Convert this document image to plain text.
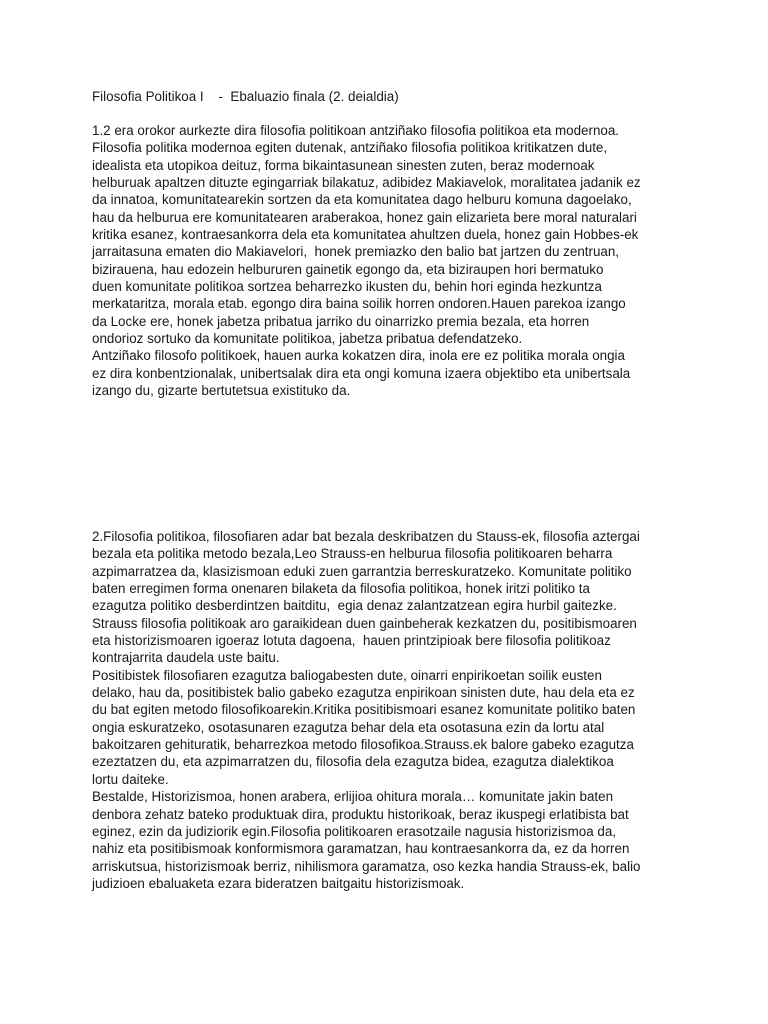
Filosofia Politikoa I    -  Ebaluazio finala (2. deialdia)

1.2 era orokor aurkezte dira filosofia politikoan antziñako filosofia politikoa eta modernoa.
Filosofia politika modernoa egiten dutenak, antziñako filosofia politikoa kritikatzen dute,
idealista eta utopikoa deituz, forma bikaintasunean sinesten zuten, beraz modernoak
helburuak apaltzen dituzte egingarriak bilakatuz, adibidez Makiavelok, moralitatea jadanik ez
da innatoa, komunitatearekin sortzen da eta komunitatea dago helburu komuna dagoelako,
hau da helburua ere komunitatearen araberakoa, honez gain elizarieta bere moral naturalari
kritika esanez, kontraesankorra dela eta komunitatea ahultzen duela, honez gain Hobbes-ek
jarraitasuna ematen dio Makiavelori,  honek premiazko den balio bat jartzen du zentruan,
bizirauena, hau edozein helbururen gainetik egongo da, eta biziraupen hori bermatuko
duen komunitate politikoa sortzea beharrezko ikusten du, behin hori eginda hezkuntza
merkataritza, morala etab. egongo dira baina soilik horren ondoren.Hauen parekoa izango
da Locke ere, honek jabetza pribatua jarriko du oinarrizko premia bezala, eta horren
ondorioz sortuko da komunitate politikoa, jabetza pribatua defendatzeko.
Antziñako filosofo politikoek, hauen aurka kokatzen dira, inola ere ez politika morala ongia
ez dira konbentzionalak, unibertsalak dira eta ongi komuna izaera objektibo eta unibertsala
izango du, gizarte bertutetsua existituko da.
2.Filosofia politikoa, filosofiaren adar bat bezala deskribatzen du Stauss-ek, filosofia aztergai
bezala eta politika metodo bezala,Leo Strauss-en helburua filosofia politikoaren beharra
azpimarratzea da, klasizismoan eduki zuen garrantzia berreskuratzeko. Komunitate politiko
baten erregimen forma onenaren bilaketa da filosofia politikoa, honek iritzi politiko ta
ezagutza politiko desberdintzen baitditu,  egia denaz zalantzatzean egira hurbil gaitezke.
Strauss filosofia politikoak aro garaikidean duen gainbeherak kezkatzen du, positibismoaren
eta historizismoaren igoeraz lotuta dagoena,  hauen printzipioak bere filosofia politikoaz
kontrajarrita daudela uste baitu.
Positibistek filosofiaren ezagutza baliogabesten dute, oinarri enpirikoetan soilik eusten
delako, hau da, positibistek balio gabeko ezagutza enpirikoan sinisten dute, hau dela eta ez
du bat egiten metodo filosofikoarekin.Kritika positibismoari esanez komunitate politiko baten
ongia eskuratzeko, osotasunaren ezagutza behar dela eta osotasuna ezin da lortu atal
bakoitzaren gehituratik, beharrezkoa metodo filosofikoa.Strauss.ek balore gabeko ezagutza
ezeztatzen du, eta azpimarratzen du, filosofia dela ezagutza bidea, ezagutza dialektikoa
lortu daiteke.
Bestalde, Historizismoa, honen arabera, erlijioa ohitura morala… komunitate jakin baten
denbora zehatz bateko produktuak dira, produktu historikoak, beraz ikuspegi erlatibista bat
eginez, ezin da judiziorik egin.Filosofia politikoaren erasotzaile nagusia historizismoa da,
nahiz eta positibismoak konformismora garamatzan, hau kontraesankorra da, ez da horren
arriskutsua, historizismoak berriz, nihilismora garamatza, oso kezka handia Strauss-ek, balio
judizioen ebaluaketa ezara bideratzen baitgaitu historizismoak.
